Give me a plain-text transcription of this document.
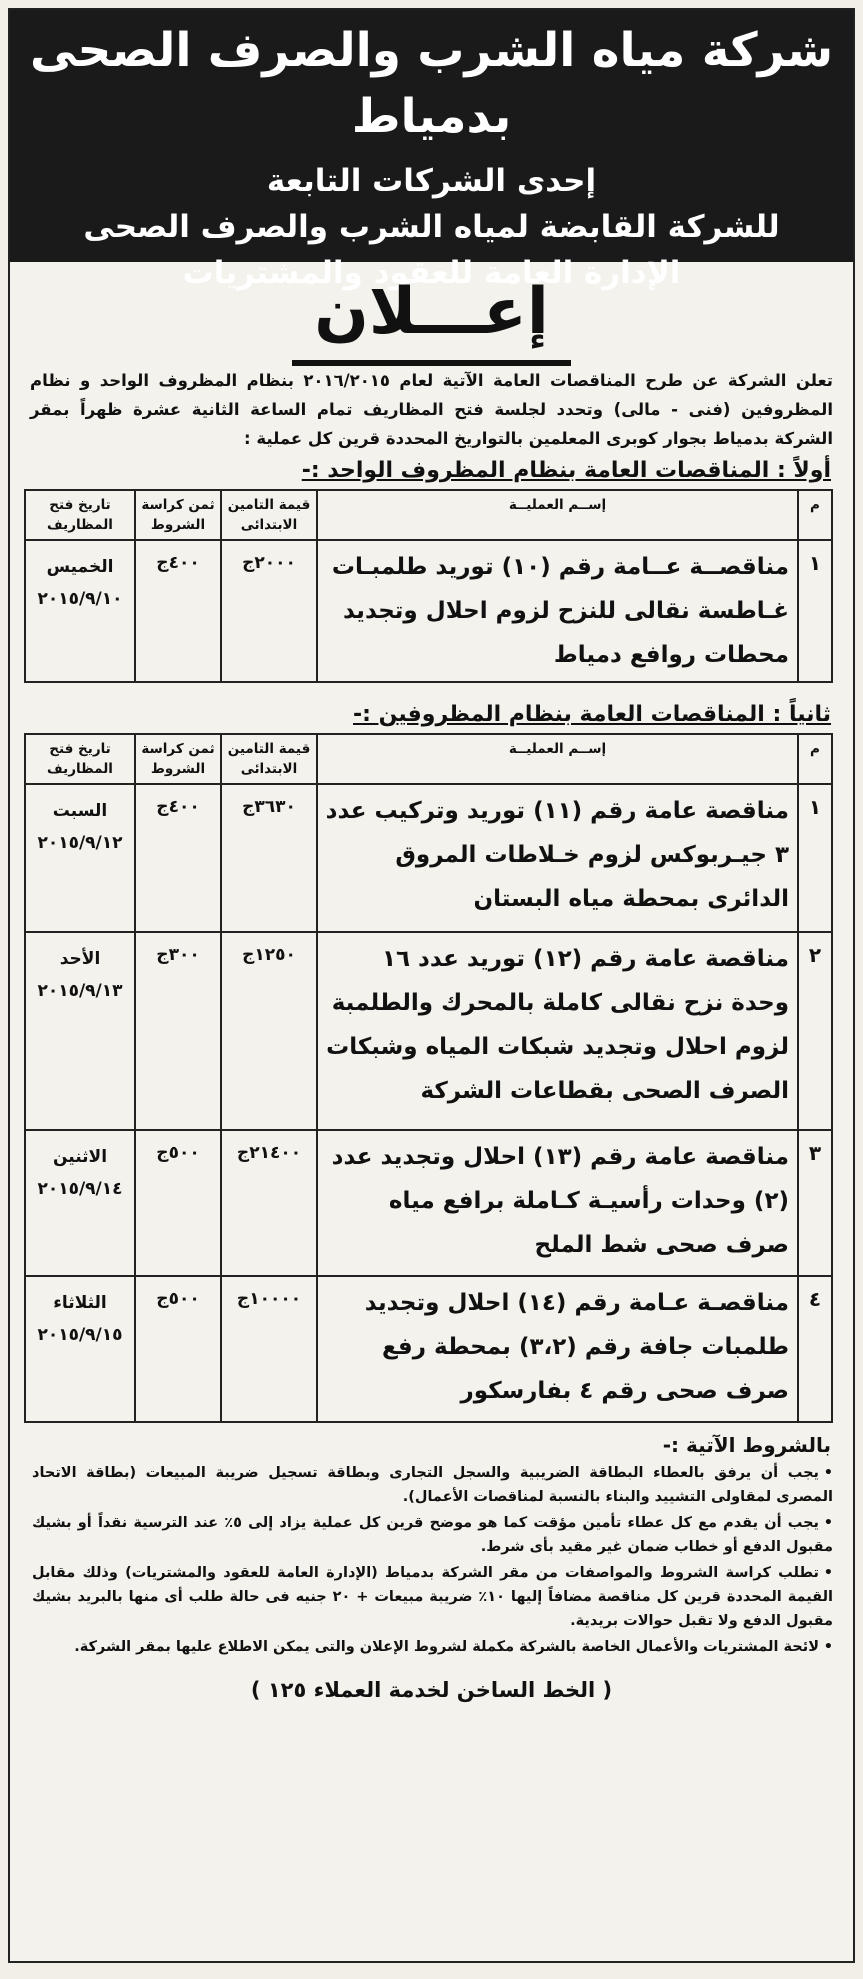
شركة مياه الشرب والصرف الصحى بدمياط
إحدى الشركات التابعة
للشركة القابضة لمياه الشرب والصرف الصحى
الإدارة العامة للعقود والمشتريات
إعـــلان
تعلن الشركة عن طرح المناقصات العامة الآتية لعام ٢٠١٦/٢٠١٥ بنظام المظروف الواحد و نظام المظروفين (فنى - مالى) وتحدد لجلسة فتح المظاريف تمام الساعة الثانية عشرة ظهراً بمقر الشركة بدمياط بجوار كوبرى المعلمين بالتواريخ المحددة قرين كل عملية :
أولاً : المناقصات العامة بنظام المظروف الواحد :-
م	إســم العمليــة	قيمة التامين الابتدائى	ثمن كراسة الشروط	تاريخ فتح المظاريف
١	مناقصــة عــامة رقم (١٠) توريد طلمبـات غـاطسة نقالى للنزح لزوم احلال وتجديد محطات روافع دمياط	٢٠٠٠ج	٤٠٠ج	الخميس
٢٠١٥/٩/١٠
ثانياً : المناقصات العامة بنظام المظروفين :-
م	إســم العمليــة	قيمة التامين الابتدائى	ثمن كراسة الشروط	تاريخ فتح المظاريف
١	مناقصة عامة رقم (١١) توريد وتركيب عدد ٣ جيـربوكس لزوم خـلاطات المروق الدائرى بمحطة مياه البستان	٣٦٣٠ج	٤٠٠ج	السبت
٢٠١٥/٩/١٢

٢	مناقصة عامة رقم (١٢) توريد عدد ١٦ وحدة نزح نقالى كاملة بالمحرك والطلمبة لزوم احلال وتجديد شبكات المياه وشبكات الصرف الصحى بقطاعات الشركة	١٢٥٠ج	٣٠٠ج	الأحد
٢٠١٥/٩/١٣

٣	مناقصة عامة رقم (١٣) احلال وتجديد عدد (٢) وحدات رأسيـة كـاملة برافع مياه صرف صحى شط الملح	٢١٤٠٠ج	٥٠٠ج	الاثنين
٢٠١٥/٩/١٤

٤	مناقصـة عـامة رقم (١٤) احلال وتجديد طلمبات جافة رقم (٣،٢) بمحطة رفع صرف صحى رقم ٤ بفارسكور	١٠٠٠٠ج	٥٠٠ج	الثلاثاء
٢٠١٥/٩/١٥
بالشروط الآتية :-
•يجب أن يرفق بالعطاء البطاقة الضريبية والسجل التجارى وبطاقة تسجيل ضريبة المبيعات (بطاقة الاتحاد المصرى لمقاولى التشييد والبناء بالنسبة لمناقصات الأعمال).
•يجب أن يقدم مع كل عطاء تأمين مؤقت كما هو موضح قرين كل عملية يزاد إلى ٥٪ عند الترسية نقداً أو بشيك مقبول الدفع أو خطاب ضمان غير مقيد بأى شرط.
•تطلب كراسة الشروط والمواصفات من مقر الشركة بدمياط (الإدارة العامة للعقود والمشتريات) وذلك مقابل القيمة المحددة قرين كل مناقصة مضافاً إليها ١٠٪ ضريبة مبيعات + ٢٠ جنيه فى حالة طلب أى منها بالبريد بشيك مقبول الدفع ولا تقبل حوالات بريدية.
•لائحة المشتريات والأعمال الخاصة بالشركة مكملة لشروط الإعلان والتى يمكن الاطلاع عليها بمقر الشركة.
( الخط الساخن لخدمة العملاء ١٢٥ )
